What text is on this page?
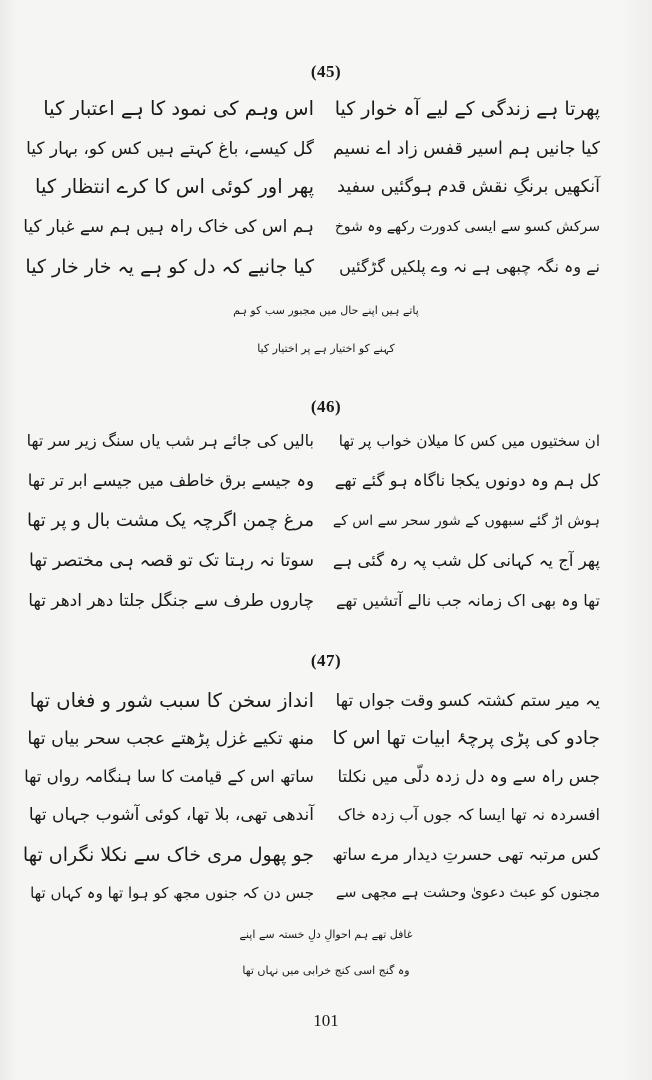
(45)
پھرتا ہے زندگی کے لیے آہ خوار کیا
اس وہم کی نمود کا ہے اعتبار کیا
کیا جانیں ہم اسیر قفس زاد اے نسیم
گل کیسے، باغ کہتے ہیں کس کو، بہار کیا
آنکھیں برنگِ نقش قدم ہوگئیں سفید
پھر اور کوئی اس کا کرے انتظار کیا
سرکش کسو سے ایسی کدورت رکھے وہ شوخ
ہم اس کی خاک راہ ہیں ہم سے غبار کیا
نے وہ نگہ چبھی ہے نہ وے پلکیں گڑگئیں
کیا جانیے کہ دل کو ہے یہ خار خار کیا
پاتے ہیں اپنے حال میں مجبور سب کو ہم
کہنے کو اختیار ہے پر اختیار کیا
(46)
ان سختیوں میں کس کا میلان خواب پر تھا
بالیں کی جائے ہر شب یاں سنگ زیر سر تھا
کل ہم وہ دونوں یکجا ناگاہ ہو گئے تھے
وہ جیسے برق خاطف میں جیسے ابر تر تھا
ہوش اڑ گئے سبھوں کے شور سحر سے اس کے
مرغ چمن اگرچہ یک مشت بال و پر تھا
پھر آج یہ کہانی کل شب پہ رہ گئی ہے
سوتا نہ رہتا تک تو قصہ ہی مختصر تھا
تھا وہ بھی اک زمانہ جب نالے آتشیں تھے
چاروں طرف سے جنگل جلتا دھر ادھر تھا
(47)
یہ میر ستم کشتہ کسو وقت جواں تھا
انداز سخن کا سبب شور و فغاں تھا
جادو کی پڑی پرچۂ ابیات تھا اس کا
منھ تکیے غزل پڑھتے عجب سحر بیاں تھا
جس راہ سے وہ دل زدہ دلّی میں نکلتا
ساتھ اس کے قیامت کا سا ہنگامہ رواں تھا
افسردہ نہ تھا ایسا کہ جوں آب زدہ خاک
آندھی تھی، بلا تھا، کوئی آشوب جہاں تھا
کس مرتبہ تھی حسرتِ دیدار مرے ساتھ
جو پھول مری خاک سے نکلا نگراں تھا
مجنوں کو عبث دعویٰ وحشت ہے مجھی سے
جس دن کہ جنوں مجھ کو ہوا تھا وہ کہاں تھا
غافل تھے ہم احوالِ دلِ خستہ سے اپنے
وہ گنج اسی کنج خرابی میں نہاں تھا
101
